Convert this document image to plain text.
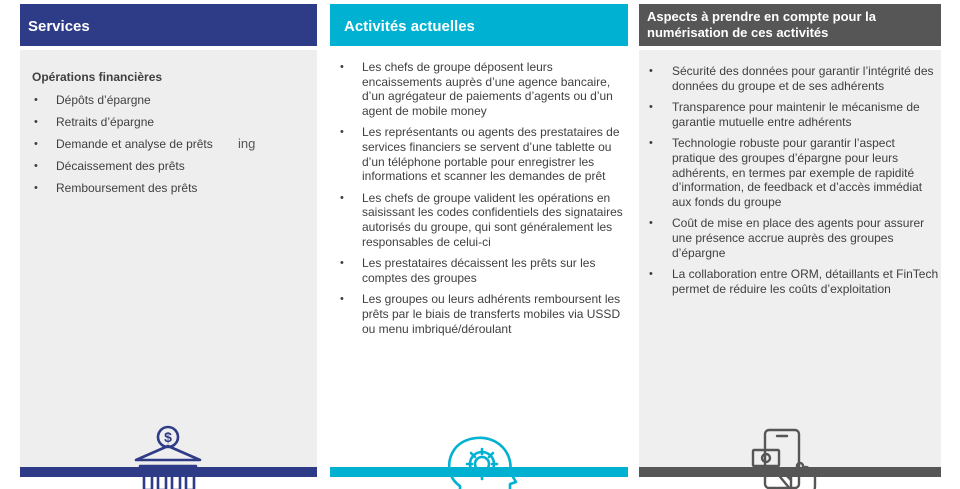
Services
Opérations financières
• Dépôts d’épargne
• Retraits d’épargne
• Demande et analyse de prêts
• Décaissement des prêts
• Remboursement des prêts
ing
$
Activités actuelles
• Les chefs de groupe déposent leurs encaissements auprès d’une agence bancaire, d’un agrégateur de paiements d’agents ou d’un agent de mobile money
• Les représentants ou agents des prestataires de services financiers se servent d’une tablette ou d’un téléphone portable pour enregistrer les informations et scanner les demandes de prêt
• Les chefs de groupe valident les opérations en saisissant les codes confidentiels des signataires autorisés du groupe, qui sont généralement les responsables de celui-ci
• Les prestataires décaissent les prêts sur les comptes des groupes
• Les groupes ou leurs adhérents remboursent les prêts par le biais de transferts mobiles via USSD ou menu imbriqué/déroulant
Aspects à prendre en compte pour la numérisation de ces activités
• Sécurité des données pour garantir l’intégrité des données du groupe et de ses adhérents
• Transparence pour maintenir le mécanisme de garantie mutuelle entre adhérents
• Technologie robuste pour garantir l’aspect pratique des groupes d’épargne pour leurs adhérents, en termes par exemple de rapidité d’information, de feedback et d’accès immédiat aux fonds du groupe
• Coût de mise en place des agents pour assurer une présence accrue auprès des groupes d’épargne
• La collaboration entre ORM, détaillants et FinTech permet de réduire les coûts d’exploitation
